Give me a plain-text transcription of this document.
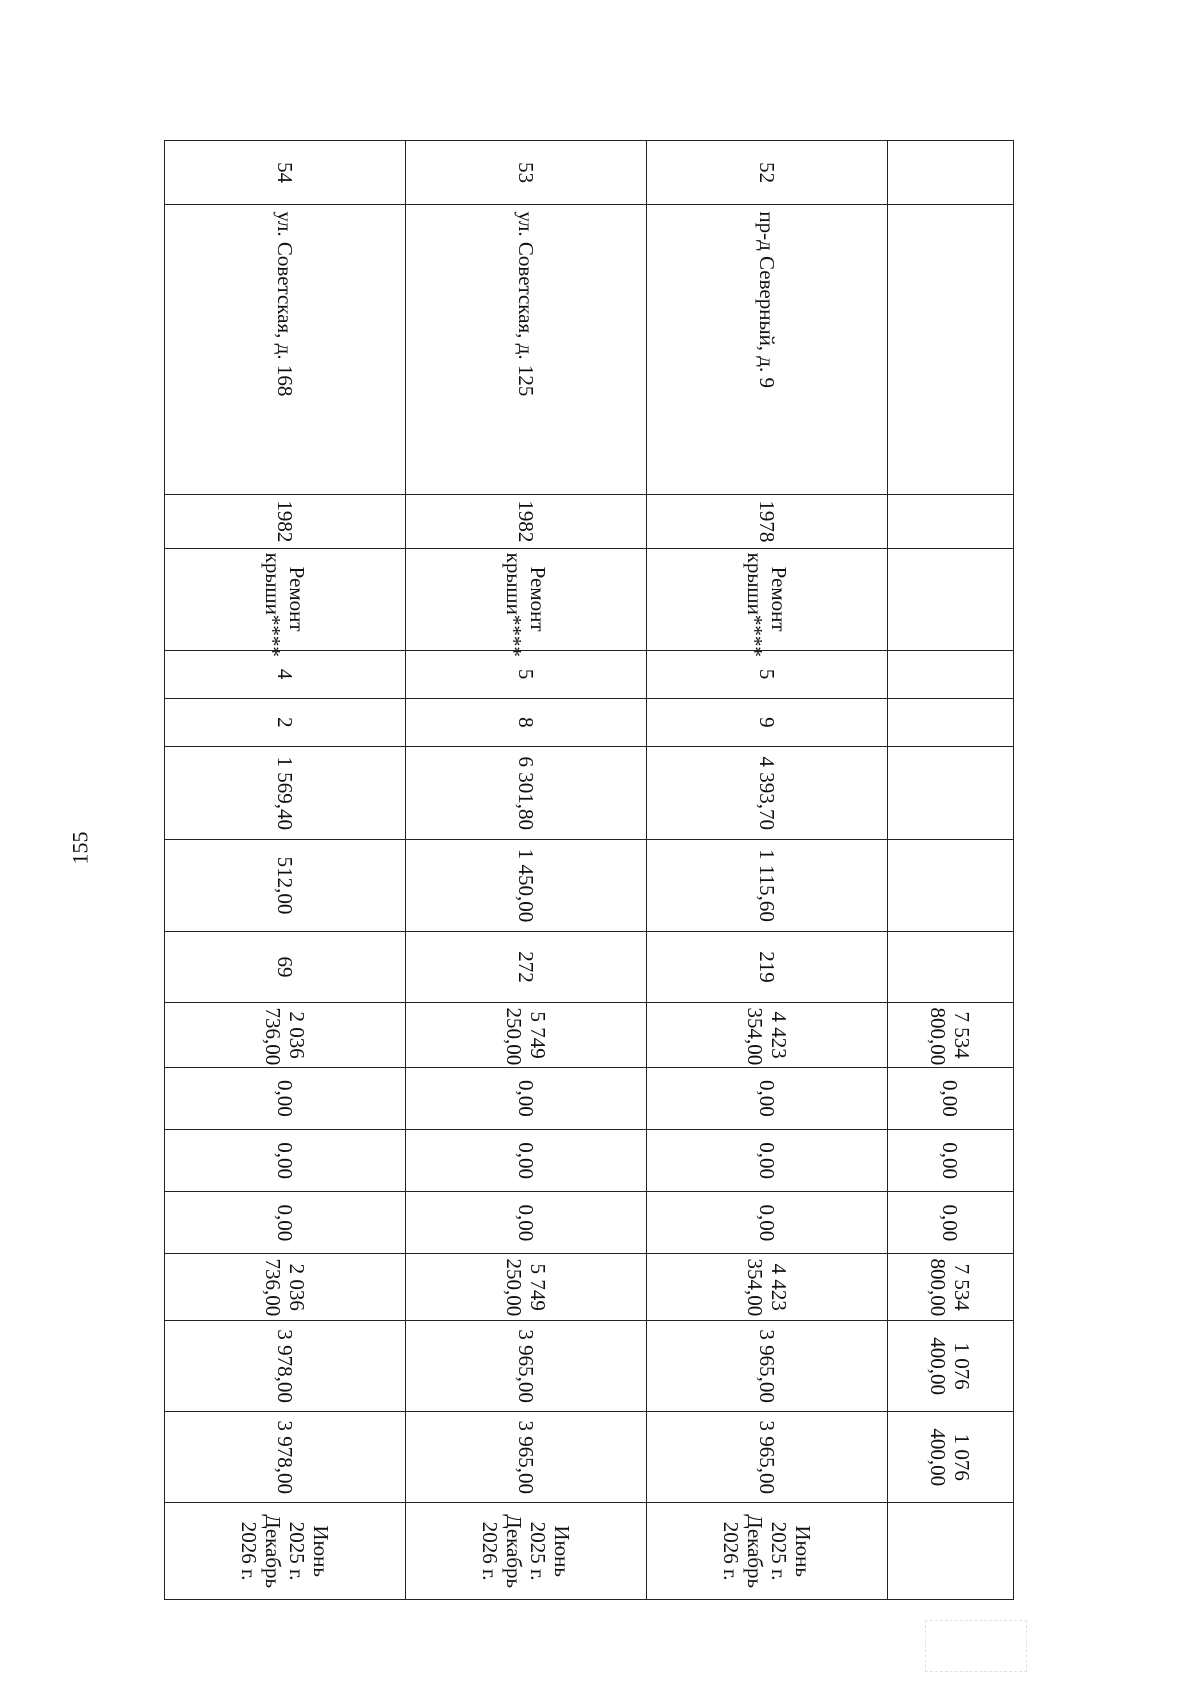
155
									7 534 800,00	0,00	0,00	0,00	7 534 800,00	1 076 400,00	1 076 400,00	
52	пр-д Северный, д. 9	1978	Ремонт крыши****	5	9	4 393,70	1 115,60	219	4 423 354,00	0,00	0,00	0,00	4 423 354,00	3 965,00	3 965,00	Июнь 2025 г. Декабрь 2026 г.
53	ул. Советская, д. 125	1982	Ремонт крыши****	5	8	6 301,80	1 450,00	272	5 749 250,00	0,00	0,00	0,00	5 749 250,00	3 965,00	3 965,00	Июнь 2025 г. Декабрь 2026 г.
54	ул. Советская, д. 168	1982	Ремонт крыши****	4	2	1 569,40	512,00	69	2 036 736,00	0,00	0,00	0,00	2 036 736,00	3 978,00	3 978,00	Июнь 2025 г. Декабрь 2026 г.
